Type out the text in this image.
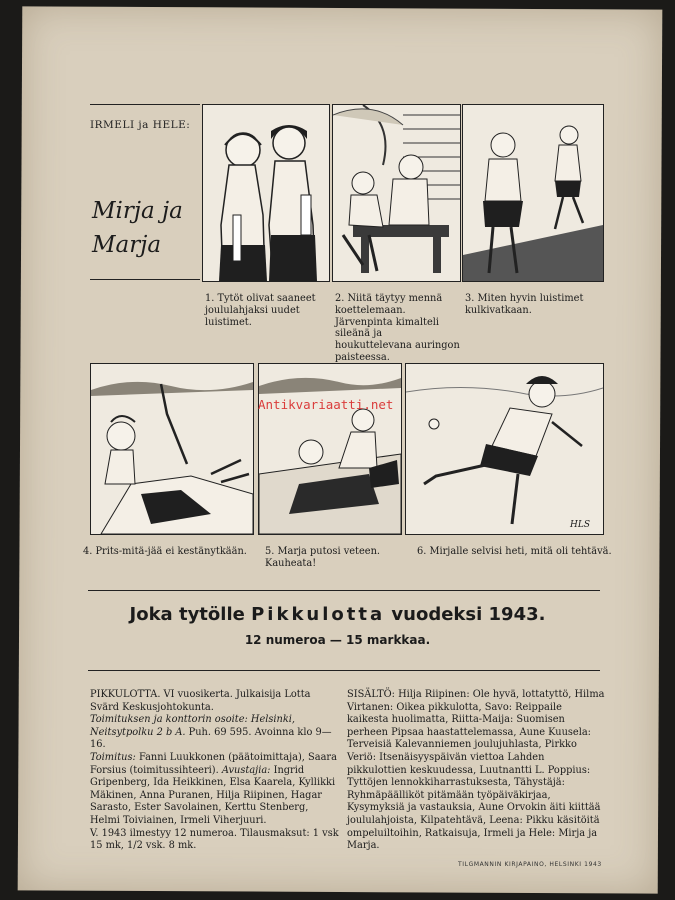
IRMELI ja HELE:
Mirja ja
Marja
1. Tytöt olivat saaneet joululahjaksi uudet luistimet.
2. Niitä täytyy mennä koettelemaan. Järvenpinta kimalteli sileänä ja houkuttelevana auringon paisteessa.
3. Miten hyvin luistimet kulkivatkaan.
HLS
4. Prits-mitä-jää ei kestänytkään.	5. Marja putosi veteen. Kauheata!
6. Mirjalle selvisi heti, mitä oli tehtävä.
Antikvariaatti.net
Joka tytölle Pikkulotta vuodeksi 1943.
12 numeroa — 15 markkaa.

PIKKULOTTA. VI vuosikerta. Julkaisija Lotta Svärd Keskusjohtokunta.

Toimituksen ja konttorin osoite: Helsinki, Neitsytpolku 2 b A. Puh. 69 595. Avoinna klo 9—16.

Toimitus: Fanni Luukkonen (päätoimittaja), Saara Forsius (toimitussihteeri). Avustajia: Ingrid Gripenberg, Ida Heikkinen, Elsa Kaarela, Kyllikki Mäkinen, Anna Puranen, Hilja Riipinen, Hagar Sarasto, Ester Savolainen, Kerttu Stenberg, Helmi Toiviainen, Irmeli Viherjuuri.

V. 1943 ilmestyy 12 numeroa. Tilausmaksut: 1 vsk 15 mk, 1/2 vsk. 8 mk.

SISÄLTÖ: Hilja Riipinen: Ole hyvä, lottatyttö, Hilma Virtanen: Oikea pikkulotta, Savo: Reippaile kaikesta huolimatta, Riitta-Maija: Suomisen perheen Pipsaa haastattelemassa, Aune Kuusela: Terveisiä Kalevanniemen joulujuhlasta, Pirkko Veriö: Itsenäisyyspäivän viettoa Lahden pikkulottien keskuudessa, Luutnantti L. Poppius: Tyttöjen lennokkiharrastuksesta, Tähystäjä: Ryhmäpäälliköt pitämään työpäiväkirjaa, Kysymyksiä ja vastauksia, Aune Orvokin äiti kiittää joululahjoista, Kilpatehtävä, Leena: Pikku käsitöitä ompeluiltoihin, Ratkaisuja, Irmeli ja Hele: Mirja ja Marja.

TILGMANNIN KIRJAPAINO, HELSINKI 1943
